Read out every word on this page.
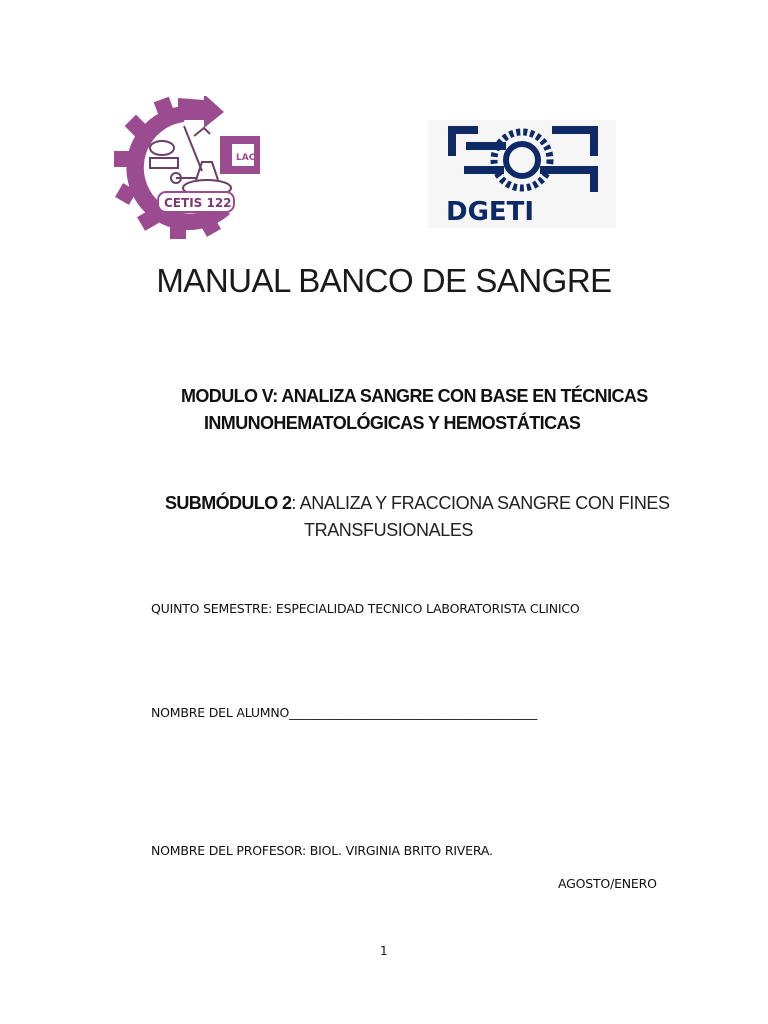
LAC
CETIS 122	DGETI
MANUAL BANCO DE SANGRE
MODULO V: ANALIZA SANGRE CON BASE EN TÉCNICAS
INMUNOHEMATOLÓGICAS Y HEMOSTÁTICAS
SUBMÓDULO 2: ANALIZA Y FRACCIONA SANGRE CON FINES
TRANSFUSIONALES
QUINTO SEMESTRE: ESPECIALIDAD TECNICO LABORATORISTA CLINICO
NOMBRE DEL ALUMNO_________________________________________
NOMBRE DEL PROFESOR: BIOL. VIRGINIA BRITO RIVERA.
AGOSTO/ENERO
1
